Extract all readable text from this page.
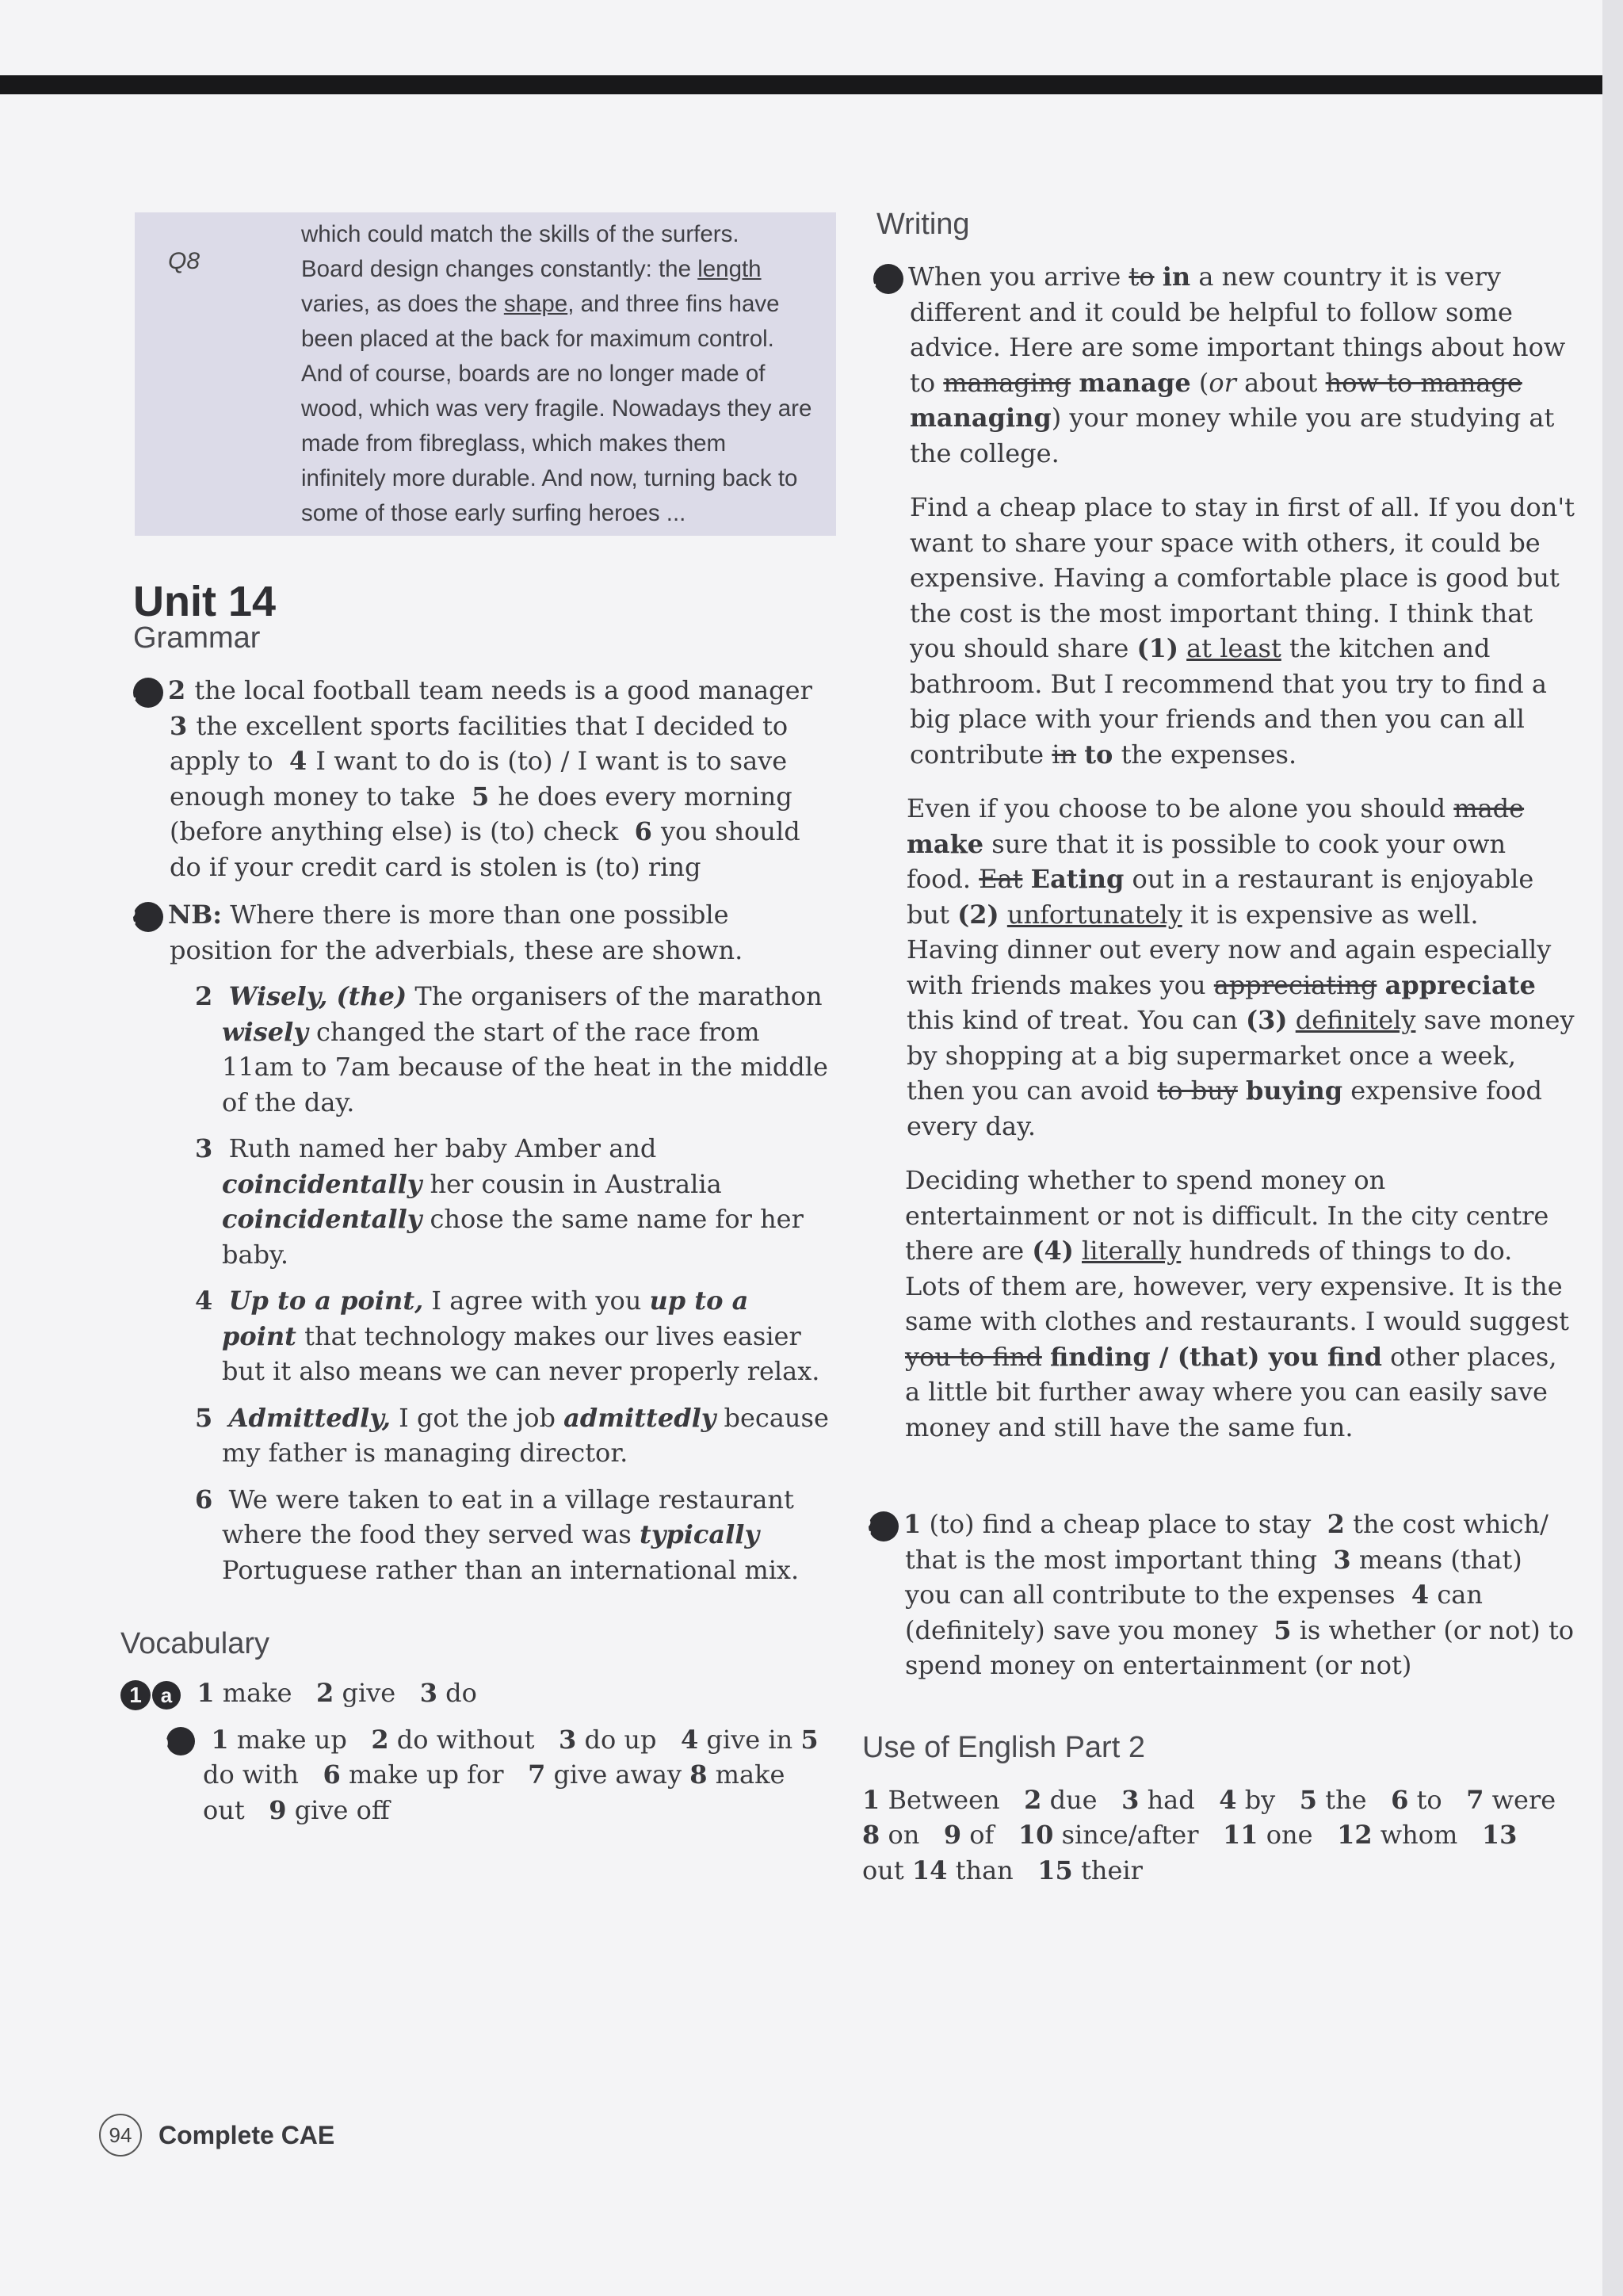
Q8
which could match the skills of the surfers.
Board design changes constantly: the length varies, as does the shape, and three fins have been placed at the back for maximum control. And of course, boards are no longer made of wood, which was very fragile. Nowadays they are made from fibreglass, which makes them infinitely more durable. And now, turning back to some of those early surfing heroes ...
Unit 14
Grammar
1 2 the local football team needs is a good manager 3 the excellent sports facilities that I decided to apply to 4 I want to do is (to) / I want is to save enough money to take 5 he does every morning (before anything else) is (to) check 6 you should do if your credit card is stolen is (to) ring
2 NB: Where there is more than one possible position for the adverbials, these are shown.
2 Wisely, (the) The organisers of the marathon wisely changed the start of the race from 11am to 7am because of the heat in the middle of the day.
3 Ruth named her baby Amber and coincidentally her cousin in Australia coincidentally chose the same name for her baby.
4 Up to a point, I agree with you up to a point that technology makes our lives easier but it also means we can never properly relax.
5 Admittedly, I got the job admittedly because my father is managing director.
6 We were taken to eat in a village restaurant where the food they served was typically Portuguese rather than an international mix.
Vocabulary
1 a 1 make 2 give 3 do
b 1 make up 2 do without 3 do up 4 give in 5 do with 6 make up for 7 give away 8 make out 9 give off
Writing
1 When you arrive to in a new country it is very different and it could be helpful to follow some advice. Here are some important things about how to managing manage (or about how to manage managing) your money while you are studying at the college.
Find a cheap place to stay in first of all. If you don't want to share your space with others, it could be expensive. Having a comfortable place is good but the cost is the most important thing. I think that you should share (1) at least the kitchen and bathroom. But I recommend that you try to find a big place with your friends and then you can all contribute in to the expenses.
Even if you choose to be alone you should made make sure that it is possible to cook your own food. Eat Eating out in a restaurant is enjoyable but (2) unfortunately it is expensive as well. Having dinner out every now and again especially with friends makes you appreciating appreciate this kind of treat. You can (3) definitely save money by shopping at a big supermarket once a week, then you can avoid to buy buying expensive food every day.
Deciding whether to spend money on entertainment or not is difficult. In the city centre there are (4) literally hundreds of things to do. Lots of them are, however, very expensive. It is the same with clothes and restaurants. I would suggest you to find finding / (that) you find other places, a little bit further away where you can easily save money and still have the same fun.
2 1 (to) find a cheap place to stay  2 the cost which/ that is the most important thing  3 means (that) you can all contribute to the expenses  4 can (definitely) save you money  5 is whether (or not) to spend money on entertainment (or not)
Use of English Part 2
1 Between 2 due 3 had 4 by 5 the 6 to 7 were 8 on 9 of 10 since/after 11 one 12 whom 13 out 14 than 15 their
94	Complete CAE
